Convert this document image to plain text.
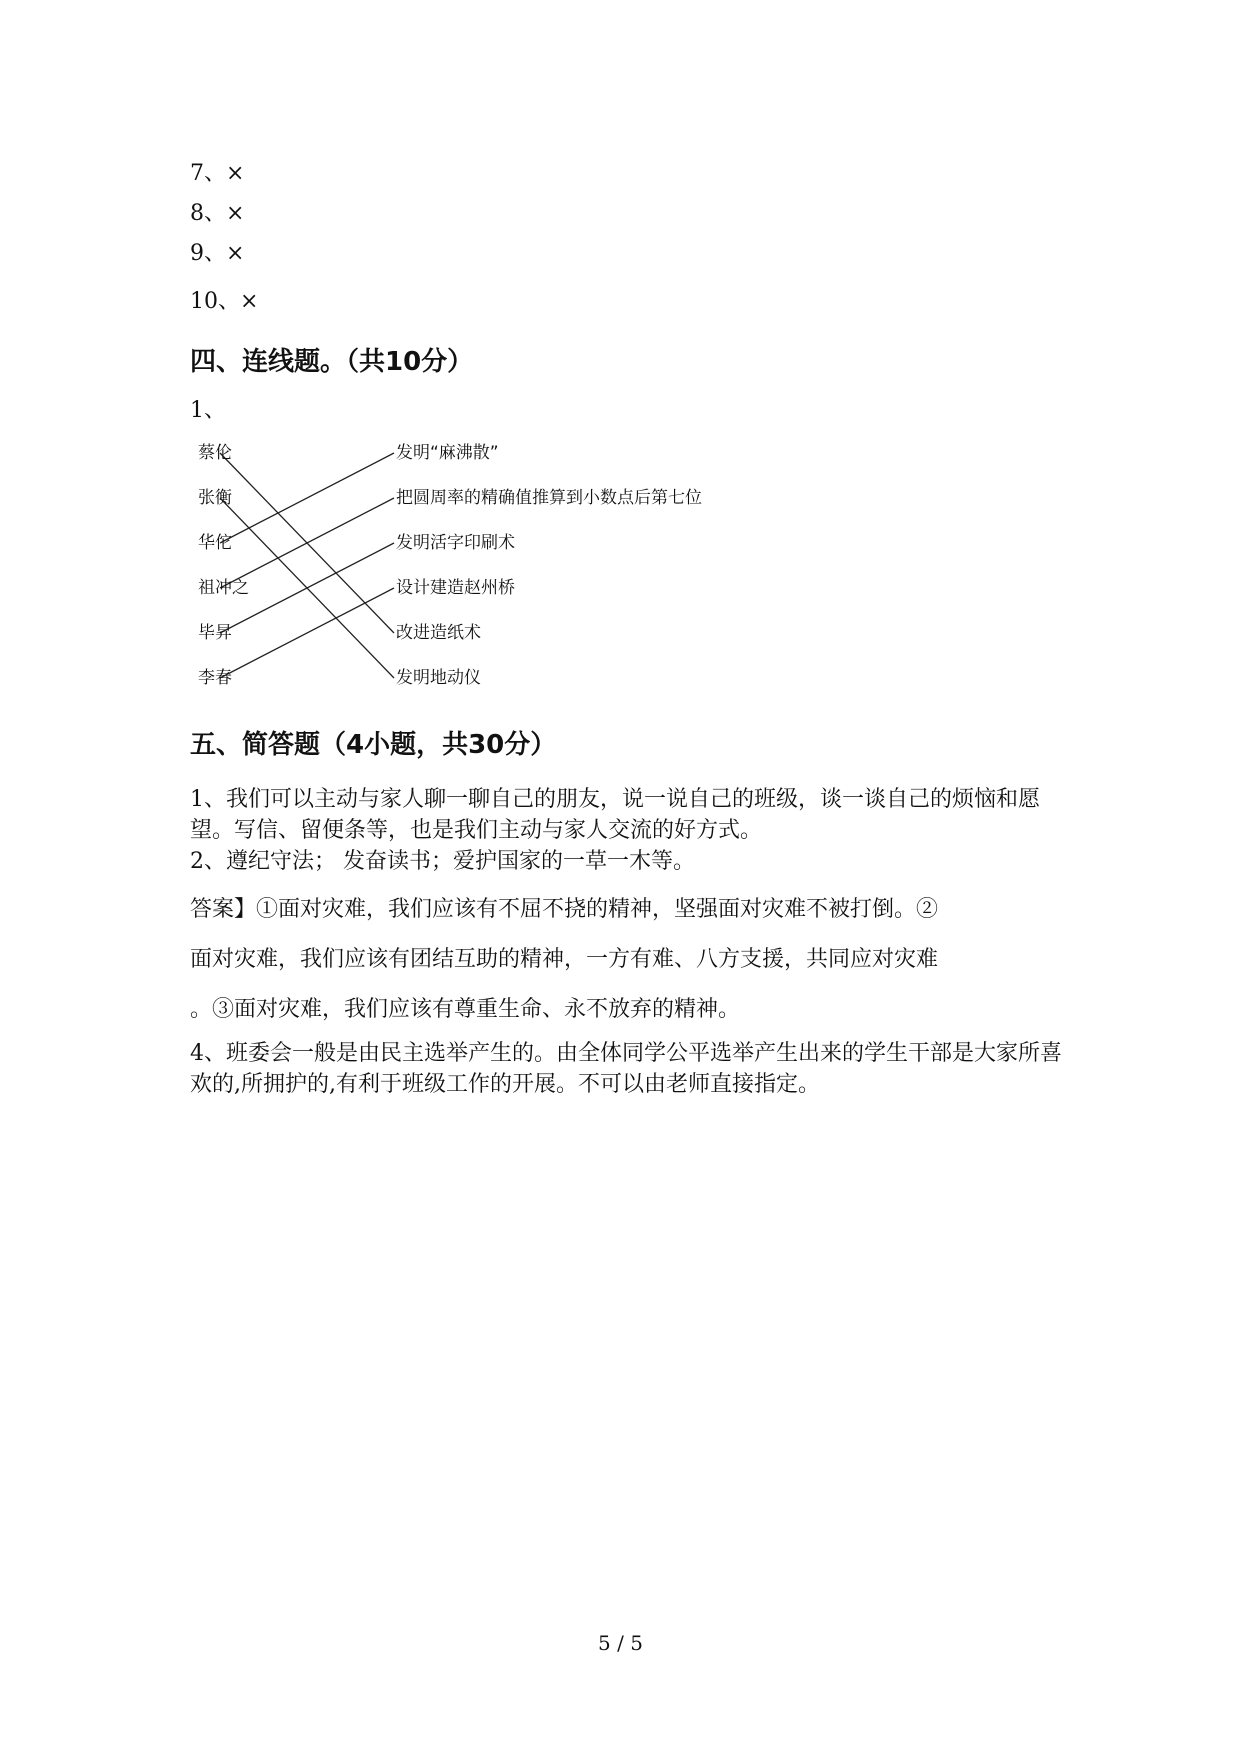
7、×
8、×
9、×
10、×
四、连线题。（共10分）
1、
蔡伦
张衡
华佗
祖冲之
毕昇
李春
发明“麻沸散”
把圆周率的精确值推算到小数点后第七位
发明活字印刷术
设计建造赵州桥
改进造纸术
发明地动仪
五、简答题（4小题，共30分）
1、我们可以主动与家人聊一聊自己的朋友，说一说自己的班级，谈一谈自己的烦恼和愿望。写信、留便条等，也是我们主动与家人交流的好方式。
2、遵纪守法； 发奋读书；爱护国家的一草一木等。
答案】①面对灾难，我们应该有不屈不挠的精神，坚强面对灾难不被打倒。②
面对灾难，我们应该有团结互助的精神，一方有难、八方支援，共同应对灾难
。③面对灾难，我们应该有尊重生命、永不放弃的精神。
4、班委会一般是由民主选举产生的。由全体同学公平选举产生出来的学生干部是大家所喜欢的,所拥护的,有利于班级工作的开展。不可以由老师直接指定。
5 / 5
